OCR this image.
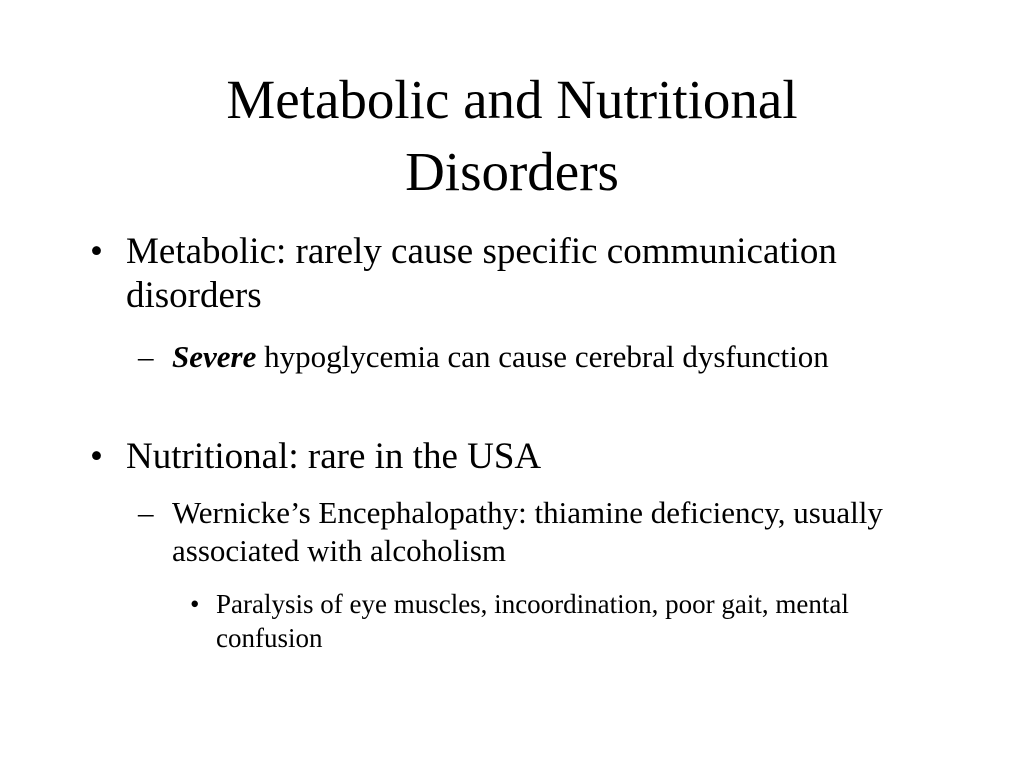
Metabolic and Nutritional
Disorders
• Metabolic: rarely cause specific communication disorders
– Severe hypoglycemia can cause cerebral dysfunction
• Nutritional: rare in the USA
– Wernicke’s Encephalopathy: thiamine deficiency, usually associated with alcoholism
• Paralysis of eye muscles, incoordination, poor gait, mental confusion
